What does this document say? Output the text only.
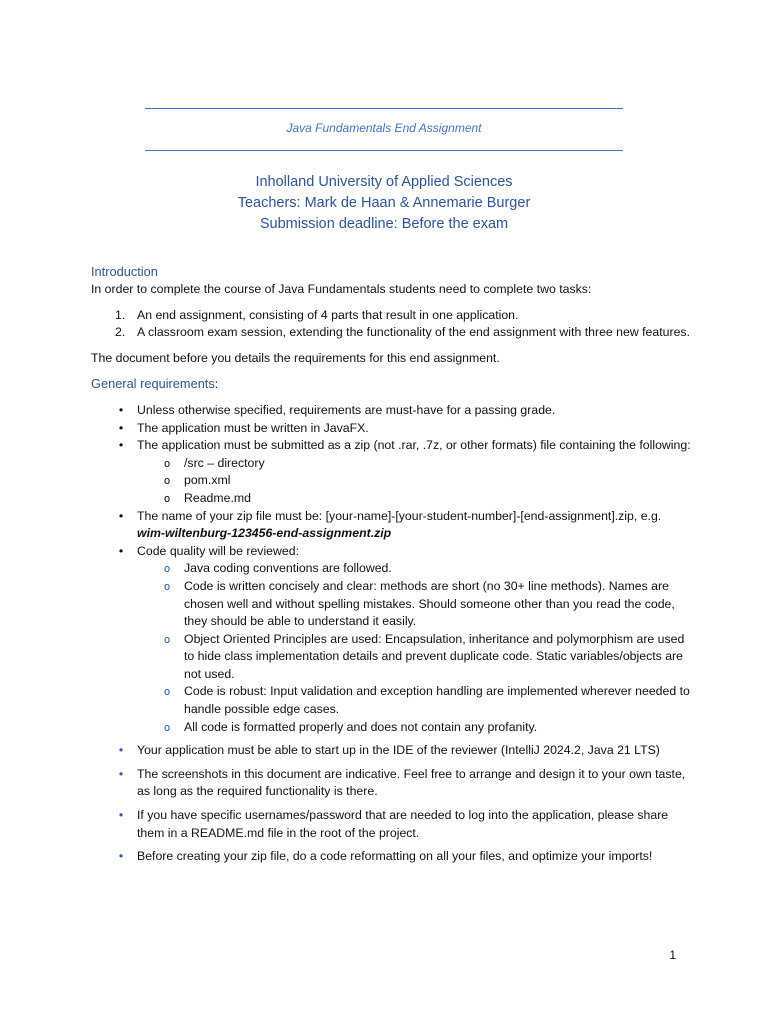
Java Fundamentals End Assignment
Inholland University of Applied Sciences
Teachers: Mark de Haan & Annemarie Burger
Submission deadline: Before the exam
Introduction

In order to complete the course of Java Fundamentals students need to complete two tasks:

1. An end assignment, consisting of 4 parts that result in one application.
2. A classroom exam session, extending the functionality of the end assignment with three new features.

The document before you details the requirements for this end assignment.

General requirements:
•	Unless otherwise specified, requirements are must-have for a passing grade.
•	The application must be written in JavaFX.
•	The application must be submitted as a zip (not .rar, .7z, or other formats) file containing the following:
o /src – directory
o pom.xml
o Readme.md
•	The name of your zip file must be: [your-name]-[your-student-number]-[end-assignment].zip, e.g. wim-wiltenburg-123456-end-assignment.zip
•	Code quality will be reviewed:
o Java coding conventions are followed.
o Code is written concisely and clear: methods are short (no 30+ line methods). Names are chosen well and without spelling mistakes. Should someone other than you read the code, they should be able to understand it easily.
o Object Oriented Principles are used: Encapsulation, inheritance and polymorphism are used to hide class implementation details and prevent duplicate code. Static variables/objects are not used.
o Code is robust: Input validation and exception handling are implemented wherever needed to handle possible edge cases.
o All code is formatted properly and does not contain any profanity.
•	Your application must be able to start up in the IDE of the reviewer (IntelliJ 2024.2, Java 21 LTS)
•	The screenshots in this document are indicative. Feel free to arrange and design it to your own taste, as long as the required functionality is there.
•	If you have specific usernames/password that are needed to log into the application, please share them in a README.md file in the root of the project.
•	Before creating your zip file, do a code reformatting on all your files, and optimize your imports!
1
